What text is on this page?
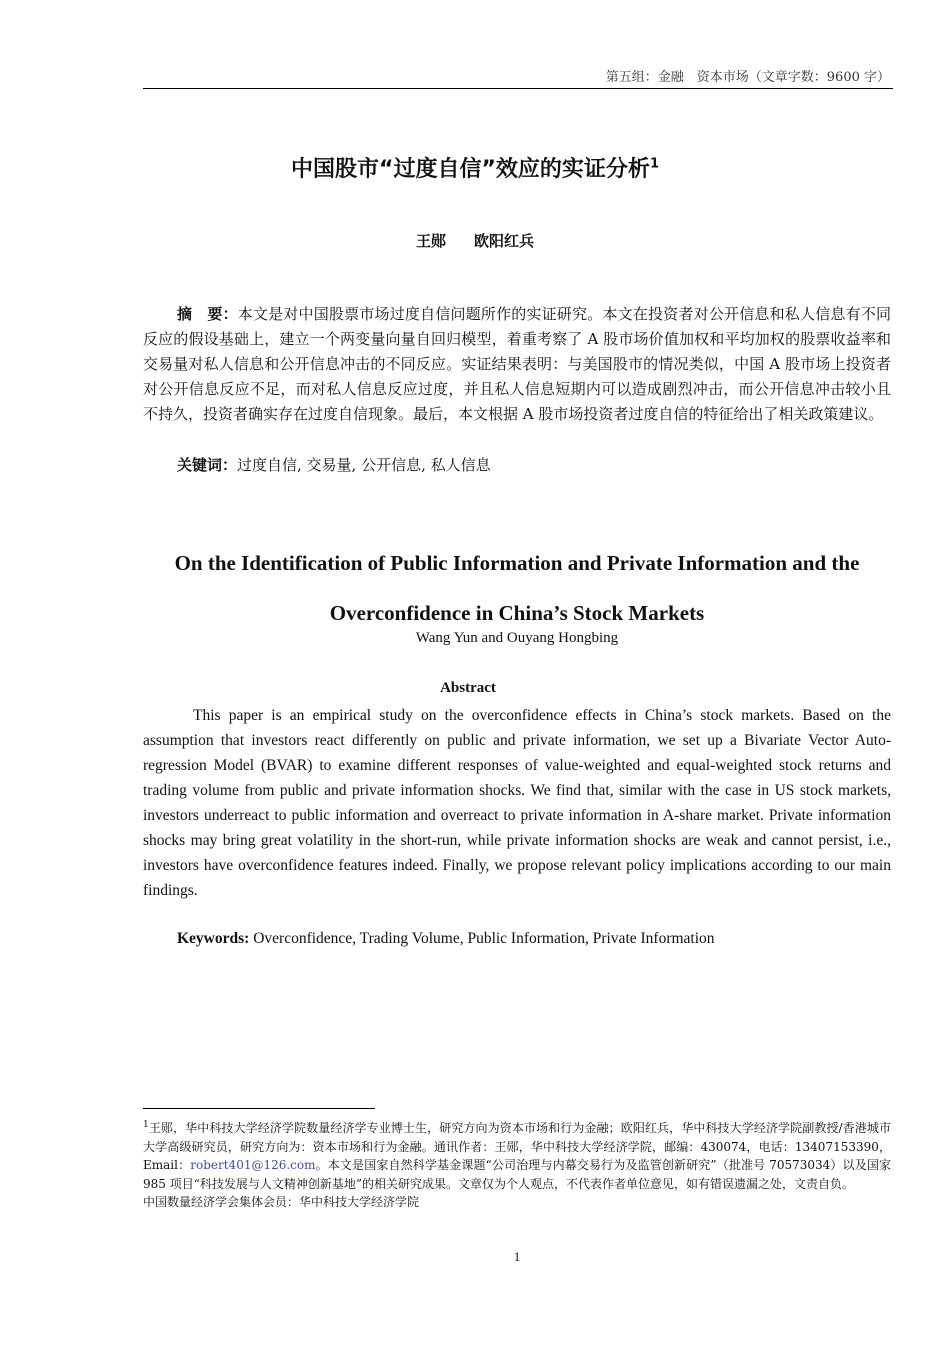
第五组：金融　资本市场（文章字数：9600 字）
中国股市“过度自信”效应的实证分析$^1$
王郧 欧阳红兵

摘　要：本文是对中国股票市场过度自信问题所作的实证研究。本文在投资者对公开信息和私人信息有不同反应的假设基础上，建立一个两变量向量自回归模型，着重考察了 A 股市场价值加权和平均加权的股票收益率和交易量对私人信息和公开信息冲击的不同反应。实证结果表明：与美国股市的情况类似，中国 A 股市场上投资者对公开信息反应不足，而对私人信息反应过度，并且私人信息短期内可以造成剧烈冲击，而公开信息冲击较小且不持久，投资者确实存在过度自信现象。最后，本文根据 A 股市场投资者过度自信的特征给出了相关政策建议。

关键词：过度自信, 交易量, 公开信息, 私人信息

On the Identification of Public Information and Private Information and the Overconfidence in China’s Stock Markets

Wang Yun and Ouyang Hongbing
Abstract

This paper is an empirical study on the overconfidence effects in China’s stock markets. Based on the assumption that investors react differently on public and private information, we set up a Bivariate Vector Auto-regression Model (BVAR) to examine different responses of value-weighted and equal-weighted stock returns and trading volume from public and private information shocks. We find that, similar with the case in US stock markets, investors underreact to public information and overreact to private information in A-share market. Private information shocks may bring great volatility in the short-run, while private information shocks are weak and cannot persist, i.e., investors have overconfidence features indeed. Finally, we propose relevant policy implications according to our main findings.

Keywords: Overconfidence, Trading Volume, Public Information, Private Information

$^1$王郧，华中科技大学经济学院数量经济学专业博士生，研究方向为资本市场和行为金融；欧阳红兵，华中科技大学经济学院副教授/香港城市大学高级研究员，研究方向为：资本市场和行为金融。通讯作者：王郧，华中科技大学经济学院，邮编：430074，电话：13407153390，Email：robert401@126.com。本文是国家自然科学基金课题“公司治理与内幕交易行为及监管创新研究”（批准号 70573034）以及国家 985 项目“科技发展与人文精神创新基地”的相关研究成果。文章仅为个人观点，不代表作者单位意见，如有错误遗漏之处，文责自负。
中国数量经济学会集体会员：华中科技大学经济学院

1
